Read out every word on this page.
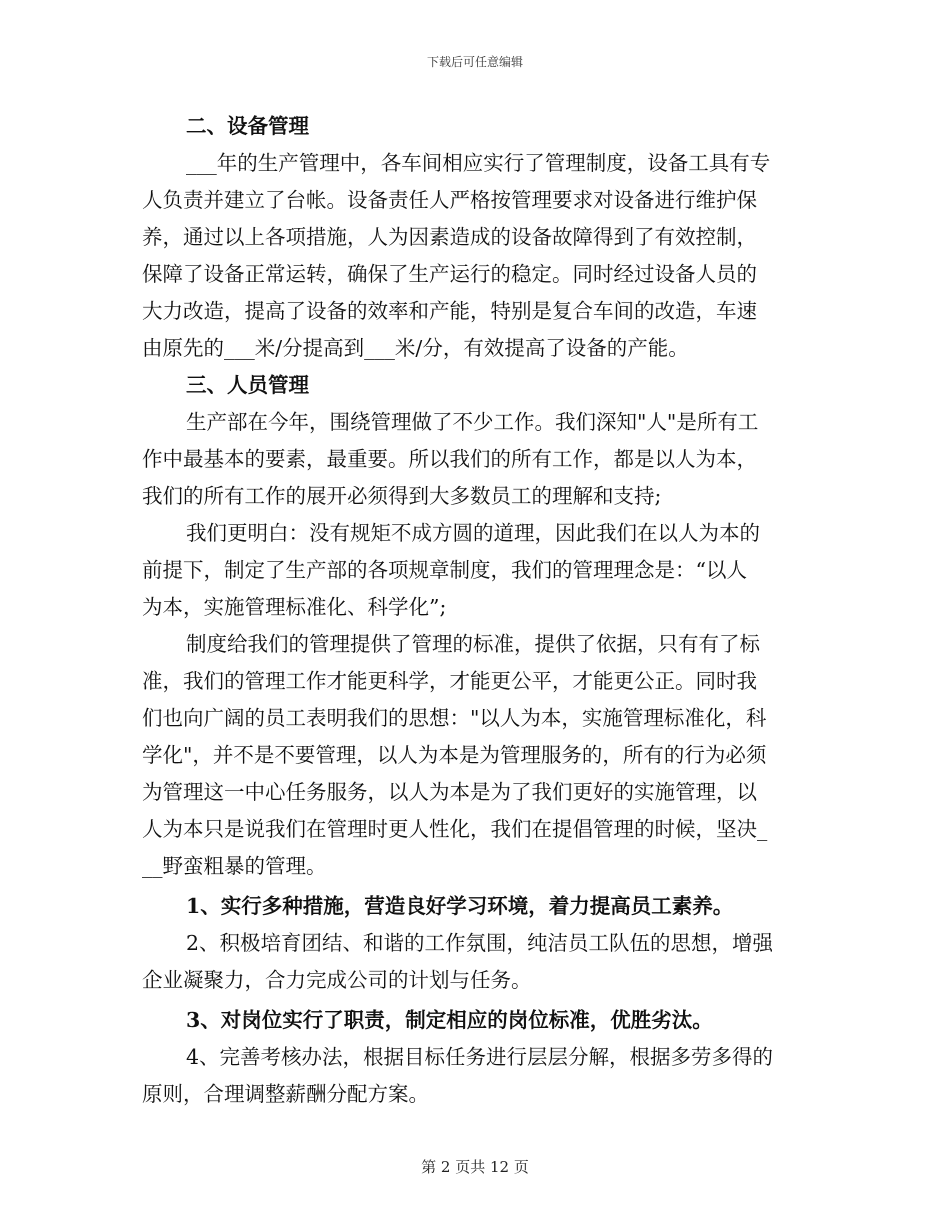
下载后可任意编辑
二、设备管理
___年的生产管理中，各车间相应实行了管理制度，设备工具有专
人负责并建立了台帐。设备责任人严格按管理要求对设备进行维护保
养，通过以上各项措施，人为因素造成的设备故障得到了有效控制，
保障了设备正常运转，确保了生产运行的稳定。同时经过设备人员的
大力改造，提高了设备的效率和产能，特别是复合车间的改造，车速
由原先的___米/分提高到___米/分，有效提高了设备的产能。
三、人员管理
生产部在今年，围绕管理做了不少工作。我们深知"人"是所有工
作中最基本的要素，最重要。所以我们的所有工作，都是以人为本，
我们的所有工作的展开必须得到大多数员工的理解和支持;
我们更明白：没有规矩不成方圆的道理，因此我们在以人为本的
前提下，制定了生产部的各项规章制度，我们的管理理念是：“以人
为本，实施管理标准化、科学化”;
制度给我们的管理提供了管理的标准，提供了依据，只有有了标
准，我们的管理工作才能更科学，才能更公平，才能更公正。同时我
们也向广阔的员工表明我们的思想："以人为本，实施管理标准化，科
学化"，并不是不要管理，以人为本是为管理服务的，所有的行为必须
为管理这一中心任务服务，以人为本是为了我们更好的实施管理，以
人为本只是说我们在管理时更人性化，我们在提倡管理的时候，坚决_
__野蛮粗暴的管理。
1、实行多种措施，营造良好学习环境，着力提高员工素养。
2、积极培育团结、和谐的工作氛围，纯洁员工队伍的思想，增强
企业凝聚力，合力完成公司的计划与任务。
3、对岗位实行了职责，制定相应的岗位标准，优胜劣汰。
4、完善考核办法，根据目标任务进行层层分解，根据多劳多得的
原则，合理调整薪酬分配方案。
第 2 页共 12 页
